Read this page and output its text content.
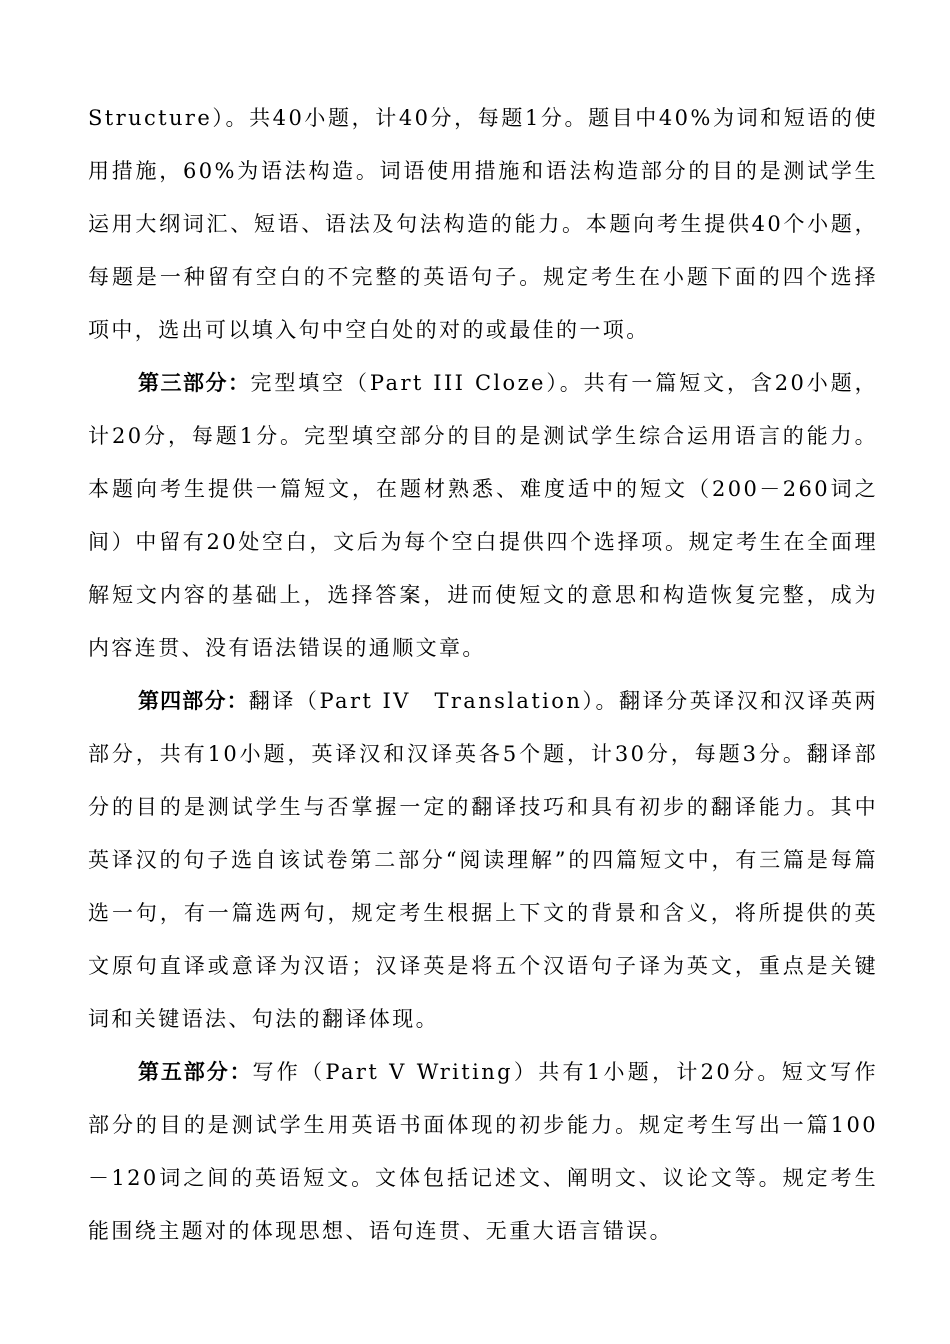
Structure）。共40小题，计40分，每题1分。题目中40%为词和短语的使用措施，60%为语法构造。词语使用措施和语法构造部分的目的是测试学生运用大纲词汇、短语、语法及句法构造的能力。本题向考生提供40个小题，每题是一种留有空白的不完整的英语句子。规定考生在小题下面的四个选择项中，选出可以填入句中空白处的对的或最佳的一项。

第三部分：完型填空（Part III Cloze）。共有一篇短文，含20小题，计20分，每题1分。完型填空部分的目的是测试学生综合运用语言的能力。本题向考生提供一篇短文，在题材熟悉、难度适中的短文（200－260词之间）中留有20处空白，文后为每个空白提供四个选择项。规定考生在全面理解短文内容的基础上，选择答案，进而使短文的意思和构造恢复完整，成为内容连贯、没有语法错误的通顺文章。

第四部分：翻译（Part IV　Translation）。翻译分英译汉和汉译英两部分，共有10小题，英译汉和汉译英各5个题，计30分，每题3分。翻译部分的目的是测试学生与否掌握一定的翻译技巧和具有初步的翻译能力。其中英译汉的句子选自该试卷第二部分“阅读理解”的四篇短文中，有三篇是每篇选一句，有一篇选两句，规定考生根据上下文的背景和含义，将所提供的英文原句直译或意译为汉语；汉译英是将五个汉语句子译为英文，重点是关键词和关键语法、句法的翻译体现。

第五部分：写作（Part V Writing）共有1小题，计20分。短文写作部分的目的是测试学生用英语书面体现的初步能力。规定考生写出一篇100－120词之间的英语短文。文体包括记述文、阐明文、议论文等。规定考生能围绕主题对的体现思想、语句连贯、无重大语言错误。
